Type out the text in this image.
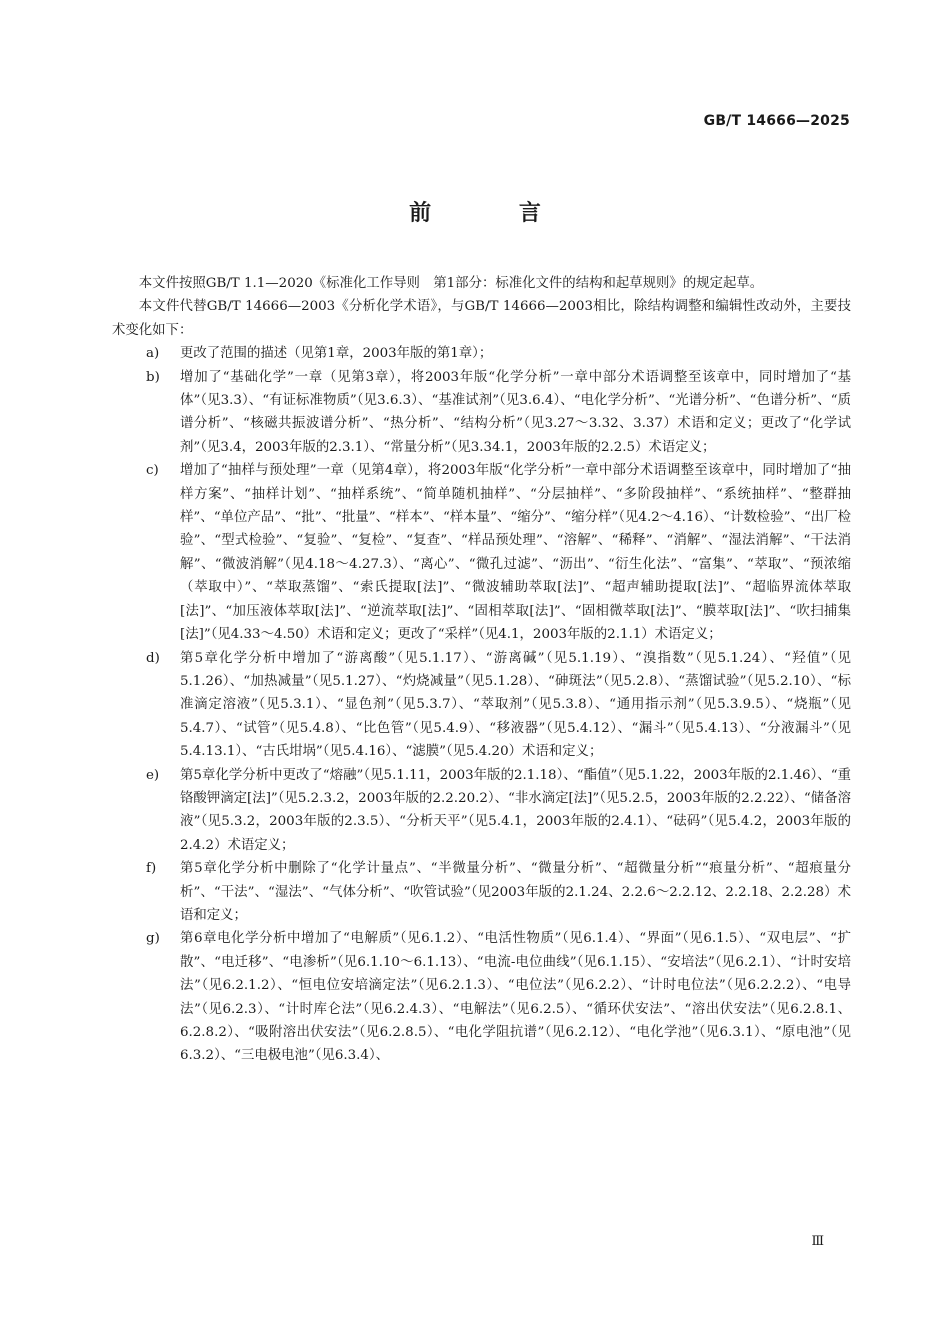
GB/T 14666—2025
前 言

本文件按照GB/T 1.1—2020《标准化工作导则　第1部分：标准化文件的结构和起草规则》的规定起草。

本文件代替GB/T 14666—2003《分析化学术语》，与GB/T 14666—2003相比，除结构调整和编辑性改动外，主要技术变化如下：

a) 更改了范围的描述（见第1章，2003年版的第1章）；
b) 增加了“基础化学”一章（见第3章），将2003年版“化学分析”一章中部分术语调整至该章中，同时增加了“基体”（见3.3）、“有证标准物质”（见3.6.3）、“基准试剂”（见3.6.4）、“电化学分析”、“光谱分析”、“色谱分析”、“质谱分析”、“核磁共振波谱分析”、“热分析”、“结构分析”（见3.27～3.32、3.37）术语和定义；更改了“化学试剂”（见3.4，2003年版的2.3.1）、“常量分析”（见3.34.1，2003年版的2.2.5）术语定义；
c) 增加了“抽样与预处理”一章（见第4章），将2003年版“化学分析”一章中部分术语调整至该章中，同时增加了“抽样方案”、“抽样计划”、“抽样系统”、“简单随机抽样”、“分层抽样”、“多阶段抽样”、“系统抽样”、“整群抽样”、“单位产品”、“批”、“批量”、“样本”、“样本量”、“缩分”、“缩分样”（见4.2～4.16）、“计数检验”、“出厂检验”、“型式检验”、“复验”、“复检”、“复查”、“样品预处理”、“溶解”、“稀释”、“消解”、“湿法消解”、“干法消解”、“微波消解”（见4.18～4.27.3）、“离心”、“微孔过滤”、“沥出”、“衍生化法”、“富集”、“萃取”、“预浓缩（萃取中）”、“萃取蒸馏”、“索氏提取[法]”、“微波辅助萃取[法]”、“超声辅助提取[法]”、“超临界流体萃取[法]”、“加压液体萃取[法]”、“逆流萃取[法]”、“固相萃取[法]”、“固相微萃取[法]”、“膜萃取[法]”、“吹扫捕集[法]”（见4.33～4.50）术语和定义；更改了“采样”（见4.1，2003年版的2.1.1）术语定义；
d) 第5章化学分析中增加了“游离酸”（见5.1.17）、“游离碱”（见5.1.19）、“溴指数”（见5.1.24）、“羟值”（见5.1.26）、“加热减量”（见5.1.27）、“灼烧减量”（见5.1.28）、“砷斑法”（见5.2.8）、“蒸馏试验”（见5.2.10）、“标准滴定溶液”（见5.3.1）、“显色剂”（见5.3.7）、“萃取剂”（见5.3.8）、“通用指示剂”（见5.3.9.5）、“烧瓶”（见5.4.7）、“试管”（见5.4.8）、“比色管”（见5.4.9）、“移液器”（见5.4.12）、“漏斗”（见5.4.13）、“分液漏斗”（见5.4.13.1）、“古氏坩埚”（见5.4.16）、“滤膜”（见5.4.20）术语和定义；
e) 第5章化学分析中更改了“熔融”（见5.1.11，2003年版的2.1.18）、“酯值”（见5.1.22，2003年版的2.1.46）、“重铬酸钾滴定[法]”（见5.2.3.2，2003年版的2.2.20.2）、“非水滴定[法]”（见5.2.5，2003年版的2.2.22）、“储备溶液”（见5.3.2，2003年版的2.3.5）、“分析天平”（见5.4.1，2003年版的2.4.1）、“砝码”（见5.4.2，2003年版的2.4.2）术语定义；
f) 第5章化学分析中删除了“化学计量点”、“半微量分析”、“微量分析”、“超微量分析”“痕量分析”、“超痕量分析”、“干法”、“湿法”、“气体分析”、“吹管试验”（见2003年版的2.1.24、2.2.6～2.2.12、2.2.18、2.2.28）术语和定义；
g) 第6章电化学分析中增加了“电解质”（见6.1.2）、“电活性物质”（见6.1.4）、“界面”（见6.1.5）、“双电层”、“扩散”、“电迁移”、“电渗析”（见6.1.10～6.1.13）、“电流-电位曲线”（见6.1.15）、“安培法”（见6.2.1）、“计时安培法”（见6.2.1.2）、“恒电位安培滴定法”（见6.2.1.3）、“电位法”（见6.2.2）、“计时电位法”（见6.2.2.2）、“电导法”（见6.2.3）、“计时库仑法”（见6.2.4.3）、“电解法”（见6.2.5）、“循环伏安法”、“溶出伏安法”（见6.2.8.1、6.2.8.2）、“吸附溶出伏安法”（见6.2.8.5）、“电化学阻抗谱”（见6.2.12）、“电化学池”（见6.3.1）、“原电池”（见6.3.2）、“三电极电池”（见6.3.4）、
Ⅲ
